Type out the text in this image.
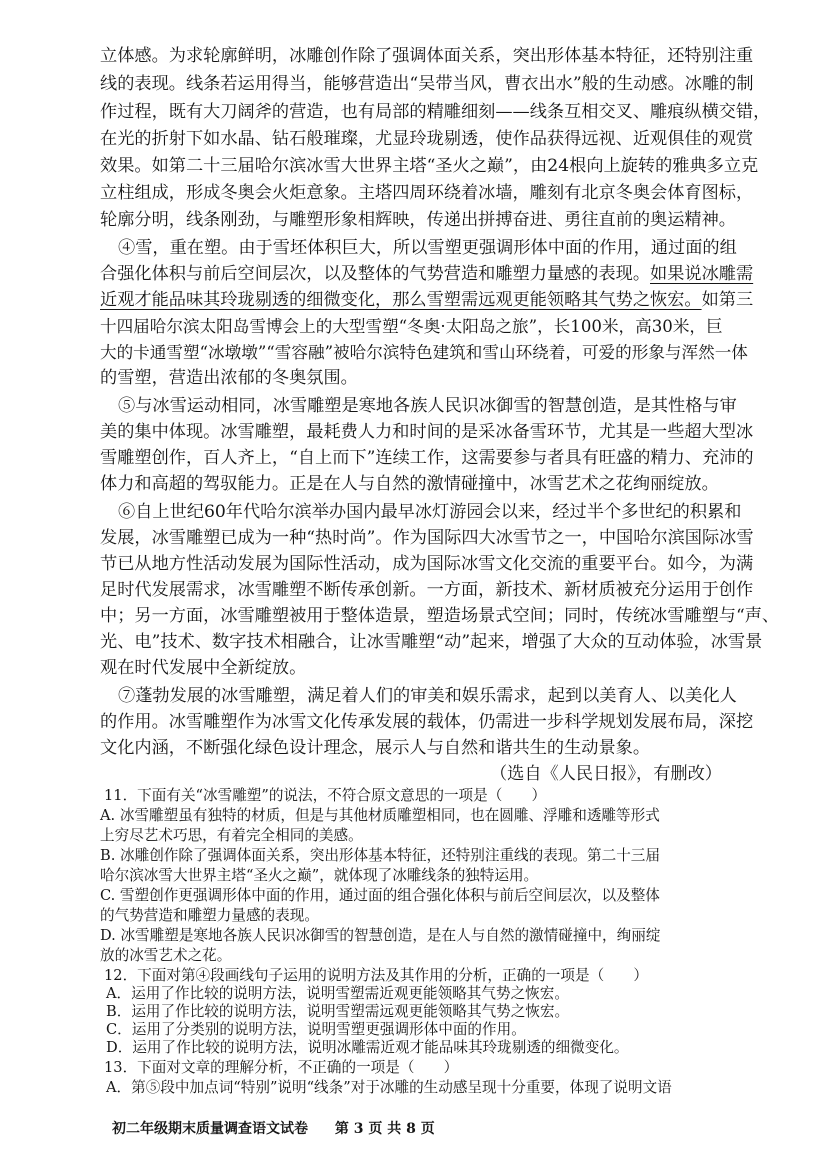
立体感。为求轮廓鲜明，冰雕创作除了强调体面关系，突出形体基本特征，还特别注重
线的表现。线条若运用得当，能够营造出“吴带当风，曹衣出水”般的生动感。冰雕的制
作过程，既有大刀阔斧的营造，也有局部的精雕细刻——线条互相交叉、雕痕纵横交错，
在光的折射下如水晶、钻石般璀璨，尤显玲珑剔透，使作品获得远视、近观俱佳的观赏
效果。如第二十三届哈尔滨冰雪大世界主塔“圣火之巅”，由24根向上旋转的雅典多立克
立柱组成，形成冬奥会火炬意象。主塔四周环绕着冰墙，雕刻有北京冬奥会体育图标，
轮廓分明，线条刚劲，与雕塑形象相辉映，传递出拼搏奋进、勇往直前的奥运精神。
④雪，重在塑。由于雪坯体积巨大，所以雪塑更强调形体中面的作用，通过面的组
合强化体积与前后空间层次，以及整体的气势营造和雕塑力量感的表现。如果说冰雕需
近观才能品味其玲珑剔透的细微变化，那么雪塑需远观更能领略其气势之恢宏。如第三
十四届哈尔滨太阳岛雪博会上的大型雪塑“冬奥·太阳岛之旅”，长100米，高30米，巨
大的卡通雪塑“冰墩墩”“雪容融”被哈尔滨特色建筑和雪山环绕着，可爱的形象与浑然一体
的雪塑，营造出浓郁的冬奥氛围。
⑤与冰雪运动相同，冰雪雕塑是寒地各族人民识冰御雪的智慧创造，是其性格与审
美的集中体现。冰雪雕塑，最耗费人力和时间的是采冰备雪环节，尤其是一些超大型冰
雪雕塑创作，百人齐上，“自上而下”连续工作，这需要参与者具有旺盛的精力、充沛的
体力和高超的驾驭能力。正是在人与自然的激情碰撞中，冰雪艺术之花绚丽绽放。
⑥自上世纪60年代哈尔滨举办国内最早冰灯游园会以来，经过半个多世纪的积累和
发展，冰雪雕塑已成为一种“热时尚”。作为国际四大冰雪节之一，中国哈尔滨国际冰雪
节已从地方性活动发展为国际性活动，成为国际冰雪文化交流的重要平台。如今，为满
足时代发展需求，冰雪雕塑不断传承创新。一方面，新技术、新材质被充分运用于创作
中；另一方面，冰雪雕塑被用于整体造景，塑造场景式空间；同时，传统冰雪雕塑与“声、
光、电”技术、数字技术相融合，让冰雪雕塑“动”起来，增强了大众的互动体验，冰雪景
观在时代发展中全新绽放。
⑦蓬勃发展的冰雪雕塑，满足着人们的审美和娱乐需求，起到以美育人、以美化人
的作用。冰雪雕塑作为冰雪文化传承发展的载体，仍需进一步科学规划发展布局，深挖
文化内涵，不断强化绿色设计理念，展示人与自然和谐共生的生动景象。
（选自《人民日报》，有删改）
11．下面有关“冰雪雕塑”的说法，不符合原文意思的一项是（　　）
A. 冰雪雕塑虽有独特的材质，但是与其他材质雕塑相同，也在圆雕、浮雕和透雕等形式
上穷尽艺术巧思，有着完全相同的美感。
B. 冰雕创作除了强调体面关系，突出形体基本特征，还特别注重线的表现。第二十三届
哈尔滨冰雪大世界主塔“圣火之巅”，就体现了冰雕线条的独特运用。
C. 雪塑创作更强调形体中面的作用，通过面的组合强化体积与前后空间层次，以及整体
的气势营造和雕塑力量感的表现。
D. 冰雪雕塑是寒地各族人民识冰御雪的智慧创造，是在人与自然的激情碰撞中，绚丽绽
放的冰雪艺术之花。
12．下面对第④段画线句子运用的说明方法及其作用的分析，正确的一项是（　　）
A．运用了作比较的说明方法，说明雪塑需近观更能领略其气势之恢宏。
B．运用了作比较的说明方法，说明雪塑需远观更能领略其气势之恢宏。
C．运用了分类别的说明方法，说明雪塑更强调形体中面的作用。
D．运用了作比较的说明方法，说明冰雕需近观才能品味其玲珑剔透的细微变化。
13．下面对文章的理解分析，不正确的一项是（　　）
A．第⑤段中加点词“特别”说明“线条”对于冰雕的生动感呈现十分重要，体现了说明文语
初二年级期末质量调查语文试卷 第 3 页 共 8 页
